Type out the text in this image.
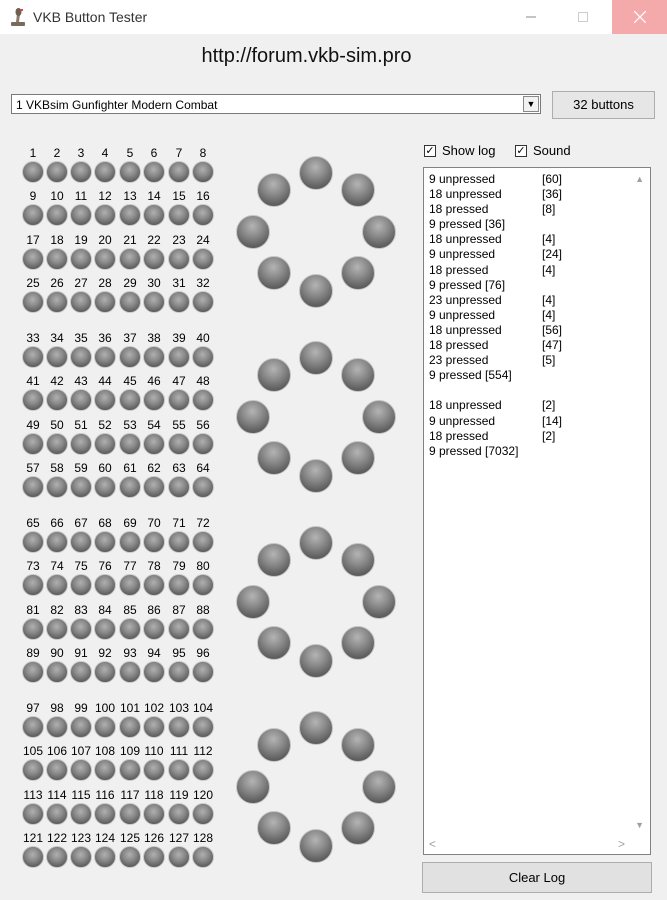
VKB Button Tester
http://forum.vkb-sim.pro
1 VKBsim Gunfighter Modern Combat	▼	32 buttons
1	2	3	4	5	6	7	8
9	10 11 12 13 14 15 16
17 18 19 20 21 22 23 24
25 26 27 28 29 30 31 32
33 34 35 36 37 38 39 40
41 42 43 44 45 46 47 48
49 50 51 52 53 54 55 56
57 58 59 60 61 62 63 64
65 66 67 68 69 70 71 72
73 74 75 76 77 78 79 80
81 82 83 84 85 86 87 88
89 90 91 92 93 94 95 96
97 98 99 100 101 102 103 104
105 106 107 108 109 110 111 112
113 114 115 116 117 118 119 120
121 122 123 124 125 126 127 128
✓ Show log ✓ Sound
9 unpressed	[60]
18 unpressed	[36]
18 pressed	[8]
9 pressed [36]
18 unpressed	[4]
9 unpressed	[24]
18 pressed	[4]
9 pressed [76]
23 unpressed	[4]
9 unpressed	[4]
18 unpressed	[56]
18 pressed	[47]
23 pressed	[5]
9 pressed [554]
18 unpressed	[2]
9 unpressed	[14]
18 pressed	[2]
9 pressed [7032]
▲
▼
<	>
Clear Log
